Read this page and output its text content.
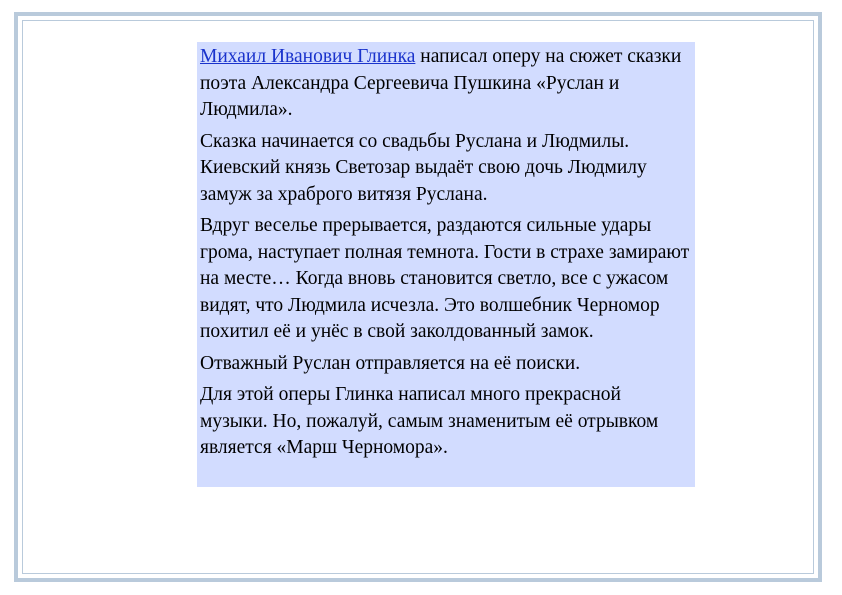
Михаил Иванович Глинка написал оперу на сюжет сказки поэта Александра Сергеевича Пушкина «Руслан и Людмила».

Сказка начинается со свадьбы Руслана и Людмилы. Киевский князь Светозар выдаёт свою дочь Людмилу замуж за храброго витязя Руслана.

Вдруг веселье прерывается, раздаются сильные удары грома, наступает полная темнота. Гости в страхе замирают на месте… Когда вновь становится светло, все с ужасом видят, что Людмила исчезла. Это волшебник Черномор похитил её и унёс в свой заколдованный замок.

Отважный Руслан отправляется на её поиски.

Для этой оперы Глинка написал много прекрасной музыки. Но, пожалуй, самым знаменитым её отрывком является «Марш Черномора».
